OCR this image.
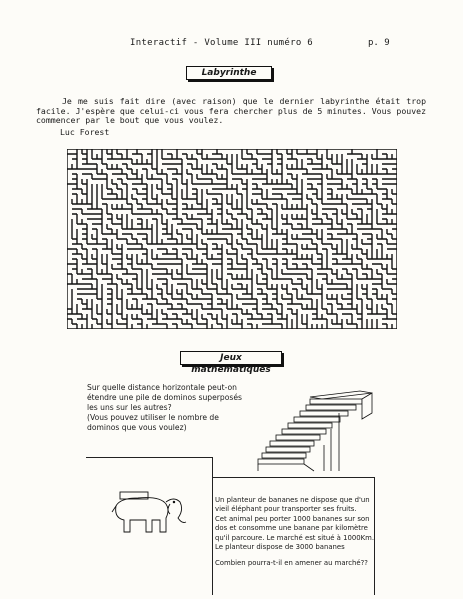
Interactif - Volume III numéro 6	p. 9
Labyrinthe
Je me suis fait dire (avec raison) que le dernier labyrinthe était trop facile. J'espère que celui-ci vous fera chercher plus de 5 minutes. Vous pouvez commencer par le bout que vous voulez.
Luc Forest
Jeux mathématiques
Sur quelle distance horizontale peut-on
étendre une pile de dominos superposés
les uns sur les autres?
(Vous pouvez utiliser le nombre de
dominos que vous voulez)
Un planteur de bananes ne dispose que d'un
vieil éléphant pour transporter ses fruits.
Cet animal peu porter 1000 bananes sur son
dos et consomme une banane par kilomètre
qu'il parcoure. Le marché est situé à 1000Km.
Le planteur dispose de 3000 bananes
Combien pourra-t-il en amener au marché??
